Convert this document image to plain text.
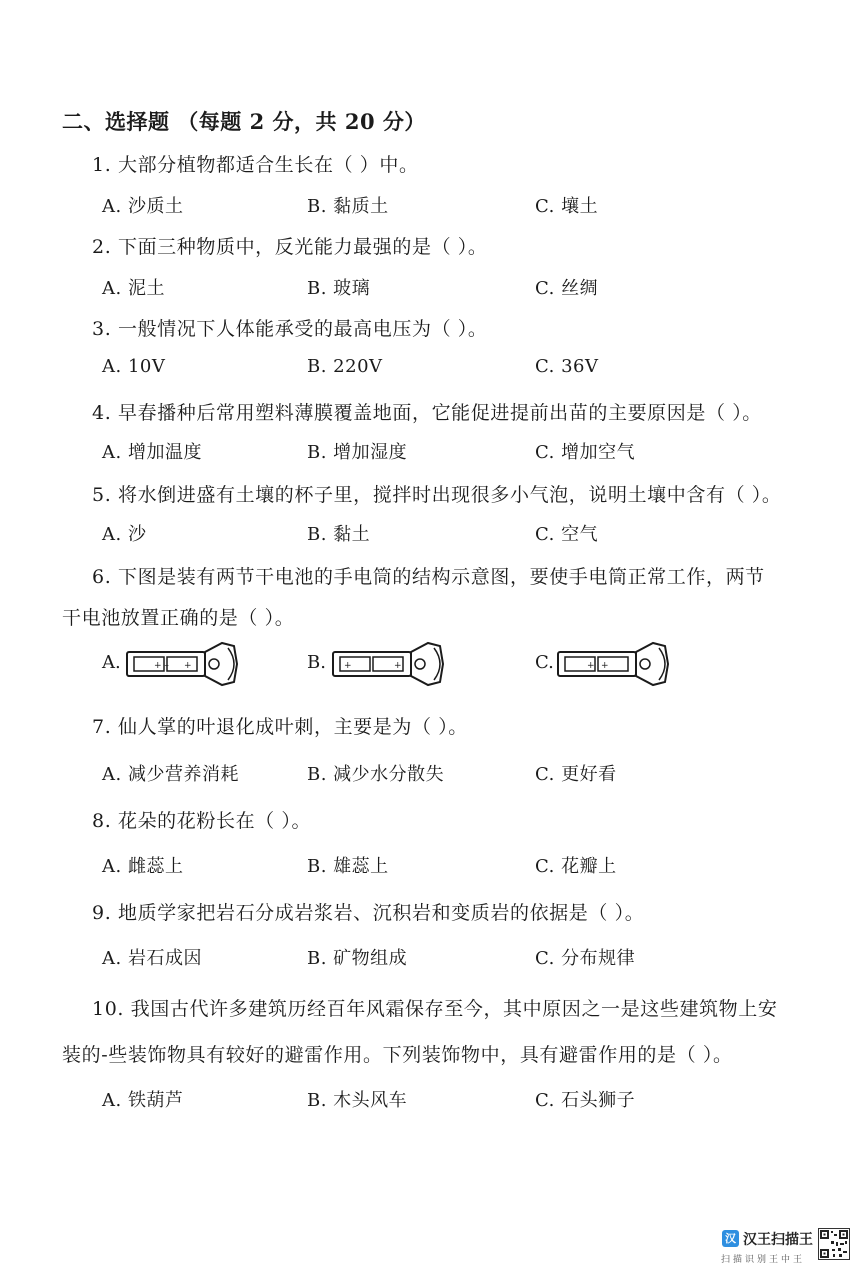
二、选择题 （每题 2 分，共 20 分）
1. 大部分植物都适合生长在（ ）中。
A. 沙质土	B. 黏质土	C. 壤土
2. 下面三种物质中，反光能力最强的是（ ）。
A. 泥土	B. 玻璃	C. 丝绸
3. 一般情况下人体能承受的最高电压为（ ）。
A. 10V	B. 220V	C. 36V
4. 早春播种后常用塑料薄膜覆盖地面，它能促进提前出苗的主要原因是（ ）。
A. 增加温度	B. 增加湿度	C. 增加空气
5. 将水倒进盛有土壤的杯子里，搅拌时出现很多小气泡，说明土壤中含有（ ）。
A. 沙	B. 黏土	C. 空气
6. 下图是装有两节干电池的手电筒的结构示意图，要使手电筒正常工作，两节
干电池放置正确的是（ ）。
A.	+ – +	B. +	+	C.	+ +
7. 仙人掌的叶退化成叶刺，主要是为（ ）。
A. 减少营养消耗	B. 减少水分散失	C. 更好看
8. 花朵的花粉长在（ ）。
A. 雌蕊上	B. 雄蕊上	C. 花瓣上
9. 地质学家把岩石分成岩浆岩、沉积岩和变质岩的依据是（ ）。
A. 岩石成因	B. 矿物组成	C. 分布规律
10. 我国古代许多建筑历经百年风霜保存至今，其中原因之一是这些建筑物上安
装的-些装饰物具有较好的避雷作用。下列装饰物中，具有避雷作用的是（ ）。
A. 铁葫芦	B. 木头风车	C. 石头狮子
汉 汉王扫描王
扫描识别王中王
